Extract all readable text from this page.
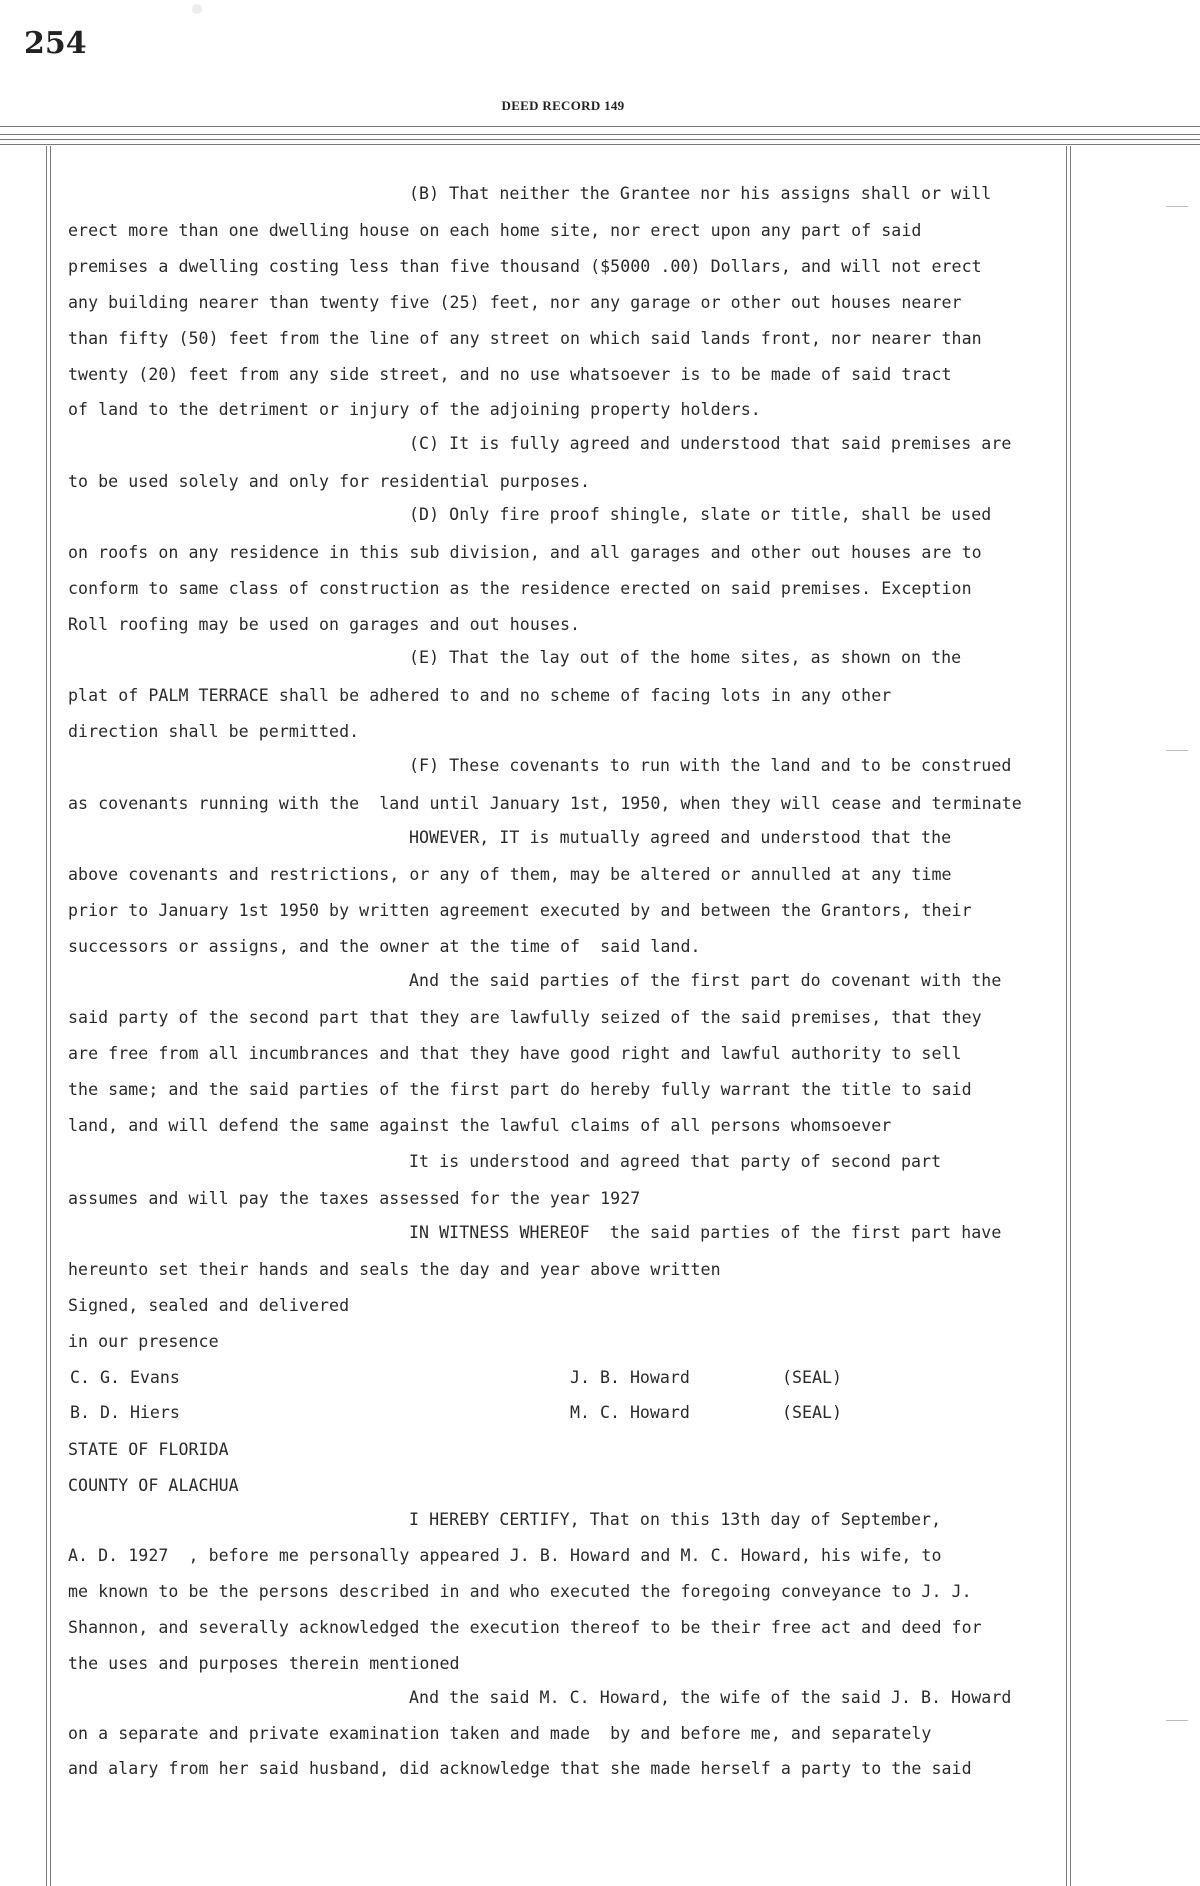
254
DEED RECORD 149
(B) That neither the Grantee nor his assigns shall or will
erect more than one dwelling house on each home site, nor erect upon any part of said
premises a dwelling costing less than five thousand ($5000 .00) Dollars, and will not erect
any building nearer than twenty five (25) feet, nor any garage or other out houses nearer
than fifty (50) feet from the line of any street on which said lands front, nor nearer than
twenty (20) feet from any side street, and no use whatsoever is to be made of said tract
of land to the detriment or injury of the adjoining property holders.
(C) It is fully agreed and understood that said premises are
to be used solely and only for residential purposes.
(D) Only fire proof shingle, slate or title, shall be used
on roofs on any residence in this sub division, and all garages and other out houses are to
conform to same class of construction as the residence erected on said premises. Exception
Roll roofing may be used on garages and out houses.
(E) That the lay out of the home sites, as shown on the
plat of PALM TERRACE shall be adhered to and no scheme of facing lots in any other
direction shall be permitted.
(F) These covenants to run with the land and to be construed
as covenants running with the  land until January 1st, 1950, when they will cease and terminate
HOWEVER, IT is mutually agreed and understood that the
above covenants and restrictions, or any of them, may be altered or annulled at any time
prior to January 1st 1950 by written agreement executed by and between the Grantors, their
successors or assigns, and the owner at the time of  said land.
And the said parties of the first part do covenant with the
said party of the second part that they are lawfully seized of the said premises, that they
are free from all incumbrances and that they have good right and lawful authority to sell
the same; and the said parties of the first part do hereby fully warrant the title to said
land, and will defend the same against the lawful claims of all persons whomsoever
It is understood and agreed that party of second part
assumes and will pay the taxes assessed for the year 1927
IN WITNESS WHEREOF  the said parties of the first part have
hereunto set their hands and seals the day and year above written
Signed, sealed and delivered
in our presence
C. G. Evans	J. B. Howard	(SEAL)
B. D. Hiers	M. C. Howard	(SEAL)
STATE OF FLORIDA
COUNTY OF ALACHUA
I HEREBY CERTIFY, That on this 13th day of September,
A. D. 1927  , before me personally appeared J. B. Howard and M. C. Howard, his wife, to
me known to be the persons described in and who executed the foregoing conveyance to J. J.
Shannon, and severally acknowledged the execution thereof to be their free act and deed for
the uses and purposes therein mentioned
And the said M. C. Howard, the wife of the said J. B. Howard
on a separate and private examination taken and made  by and before me, and separately
and alary from her said husband, did acknowledge that she made herself a party to the said
